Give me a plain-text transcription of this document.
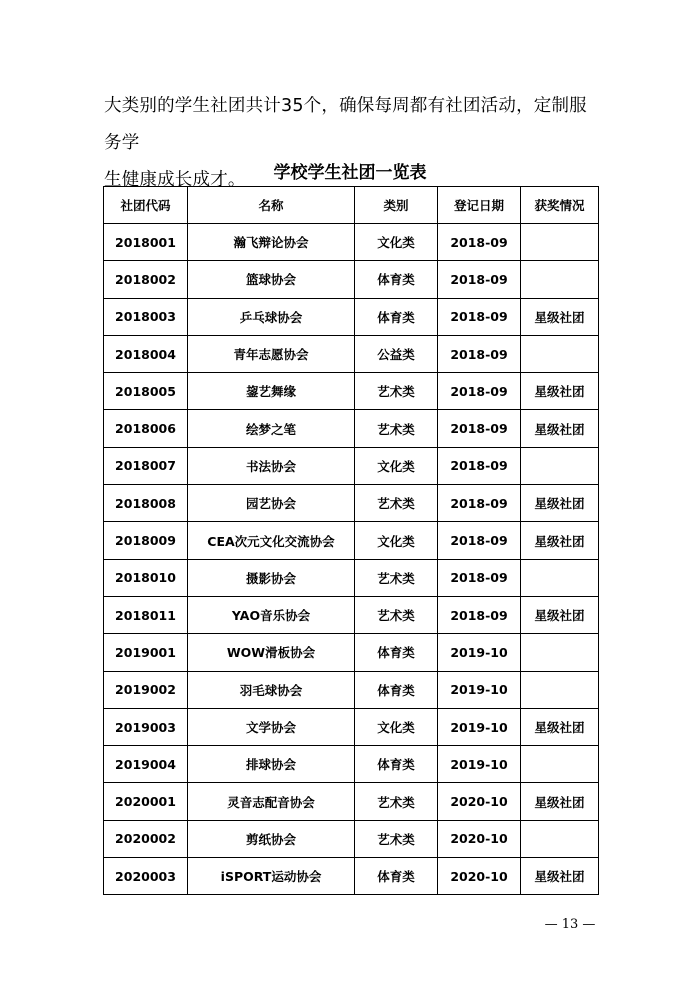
大类别的学生社团共计35个，确保每周都有社团活动，定制服务学

生健康成长成才。	学校学生社团一览表
社团代码	名称	类别	登记日期	获奖情况
2018001	瀚飞辩论协会	文化类	2018-09	
2018002	篮球协会	体育类	2018-09	
2018003	乒乓球协会	体育类	2018-09	星级社团
2018004	青年志愿协会	公益类	2018-09	
2018005	鋆艺舞缘	艺术类	2018-09	星级社团
2018006	绘梦之笔	艺术类	2018-09	星级社团
2018007	书法协会	文化类	2018-09	
2018008	园艺协会	艺术类	2018-09	星级社团
2018009	CEA次元文化交流协会	文化类	2018-09	星级社团
2018010	摄影协会	艺术类	2018-09	
2018011	YAO音乐协会	艺术类	2018-09	星级社团
2019001	WOW滑板协会	体育类	2019-10	
2019002	羽毛球协会	体育类	2019-10	
2019003	文学协会	文化类	2019-10	星级社团
2019004	排球协会	体育类	2019-10	
2020001	灵音志配音协会	艺术类	2020-10	星级社团
2020002	剪纸协会	艺术类	2020-10	
2020003	iSPORT运动协会	体育类	2020-10	星级社团
— 13 —
